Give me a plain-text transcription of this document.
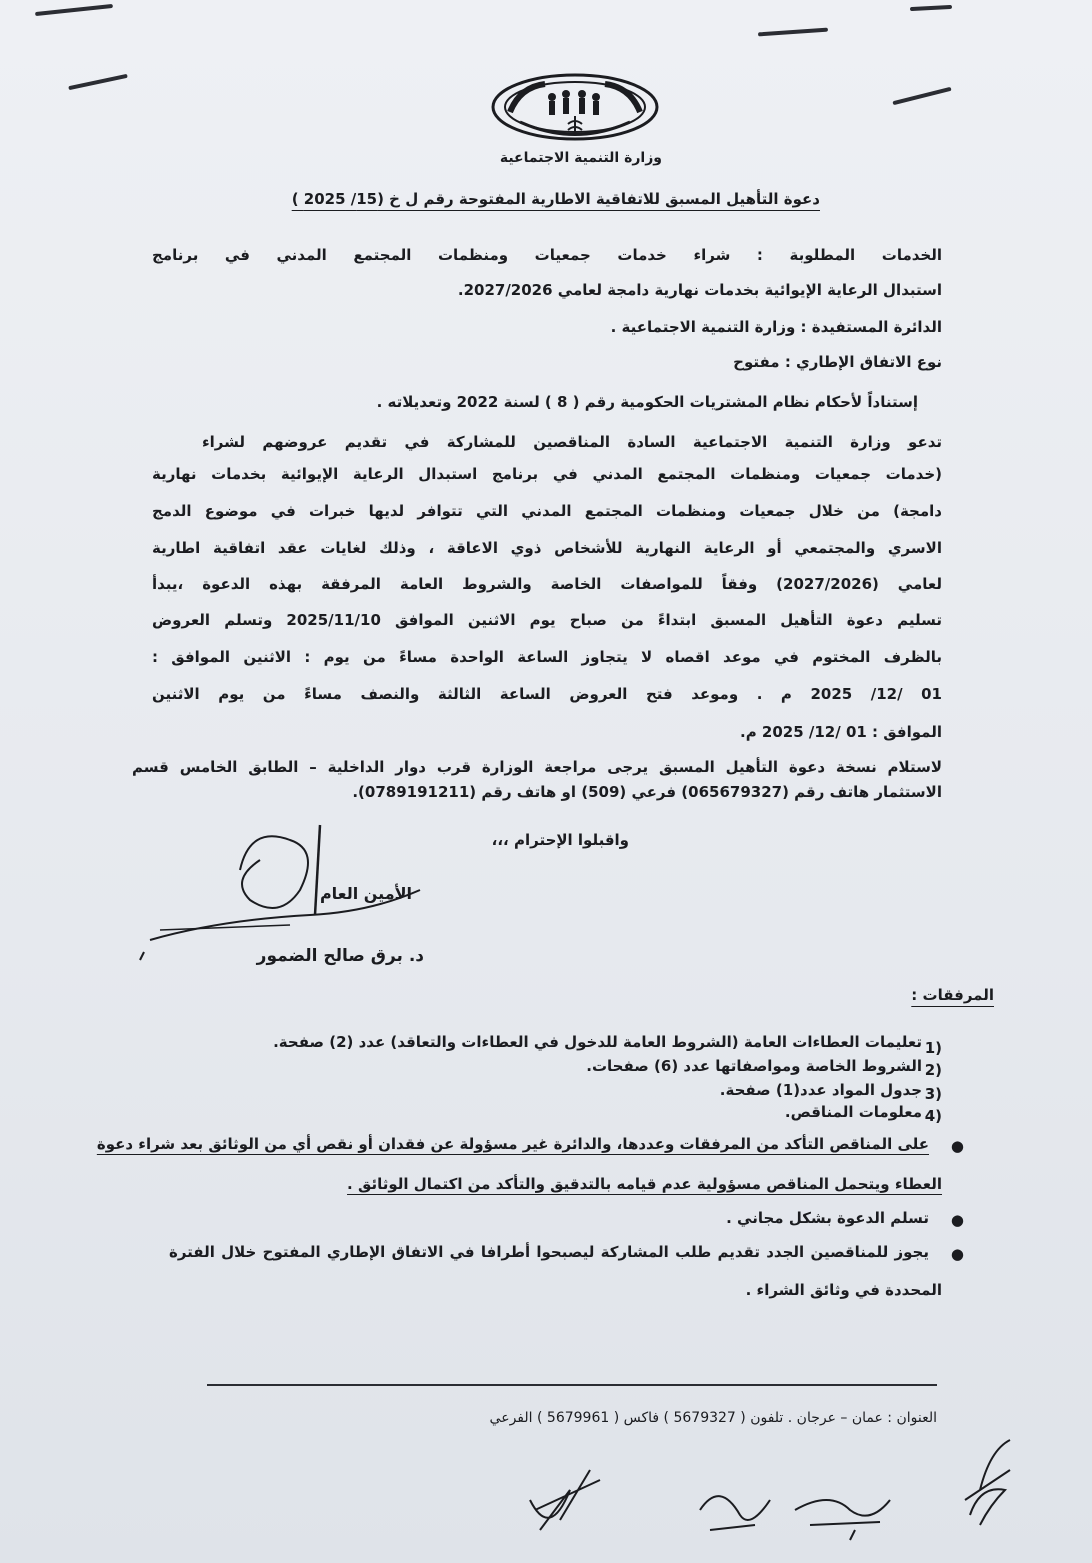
وزارة التنمية الاجتماعية
دعوة التأهيل المسبق للاتفاقية الاطارية المفتوحة رقم ل خ (15/ 2025 )
الخدمات المطلوبة : شراء خدمات جمعيات ومنظمات المجتمع المدني في برنامج
استبدال الرعاية الإيوائية بخدمات نهارية دامجة لعامي 2027/2026.
الدائرة المستفيدة : وزارة التنمية الاجتماعية .
نوع الاتفاق الإطاري : مفتوح
إستناداً لأحكام نظام المشتريات الحكومية رقم ( 8 ) لسنة 2022 وتعديلاته .
تدعو وزارة التنمية الاجتماعية السادة المناقصين للمشاركة في تقديم عروضهم لشراء
(خدمات جمعيات ومنظمات المجتمع المدني في برنامج استبدال الرعاية الإيوائية بخدمات نهارية
دامجة) من خلال جمعيات ومنظمات المجتمع المدني التي تتوافر لديها خبرات في موضوع الدمج
الاسري والمجتمعي أو الرعاية النهارية للأشخاص ذوي الاعاقة ، وذلك لغايات عقد اتفاقية اطارية
لعامي (2027/2026) وفقاً للمواصفات الخاصة والشروط العامة المرفقة بهذه الدعوة ،يبدأ
تسليم دعوة التأهيل المسبق ابتداءً من صباح يوم الاثنين الموافق 2025/11/10 وتسلم العروض
بالظرف المختوم في موعد اقصاه لا يتجاوز الساعة الواحدة مساءً من يوم : الاثنين الموافق :
01 /12/ 2025 م . وموعد فتح العروض الساعة الثالثة والنصف مساءً من يوم الاثنين
الموافق : 01 /12/ 2025 م.
لاستلام نسخة دعوة التأهيل المسبق يرجى مراجعة الوزارة قرب دوار الداخلية – الطابق الخامس قسم
الاستثمار هاتف رقم (065679327) فرعي (509) او هاتف رقم (0789191211).
واقبلوا الإحترام ،،،
الأمين العام
د. برق صالح الضمور
المرفقات :
1)
تعليمات العطاءات العامة (الشروط العامة للدخول في العطاءات والتعاقد) عدد (2) صفحة.
2)
الشروط الخاصة ومواصفاتها عدد (6) صفحات.
3)
جدول المواد عدد(1) صفحة.
4)
معلومات المناقص.
●
على المناقص التأكد من المرفقات وعددها، والدائرة غير مسؤولة عن فقدان أو نقص أي من الوثائق بعد شراء دعوة
العطاء ويتحمل المناقص مسؤولية عدم قيامه بالتدقيق والتأكد من اكتمال الوثائق .
●
تسلم الدعوة بشكل مجاني .
●
يجوز للمناقصين الجدد تقديم طلب المشاركة ليصبحوا أطرافا في الاتفاق الإطاري المفتوح خلال الفترة
المحددة في وثائق الشراء .
العنوان : عمان – عرجان . تلفون ( 5679327 ) فاكس ( 5679961 ) الفرعي
